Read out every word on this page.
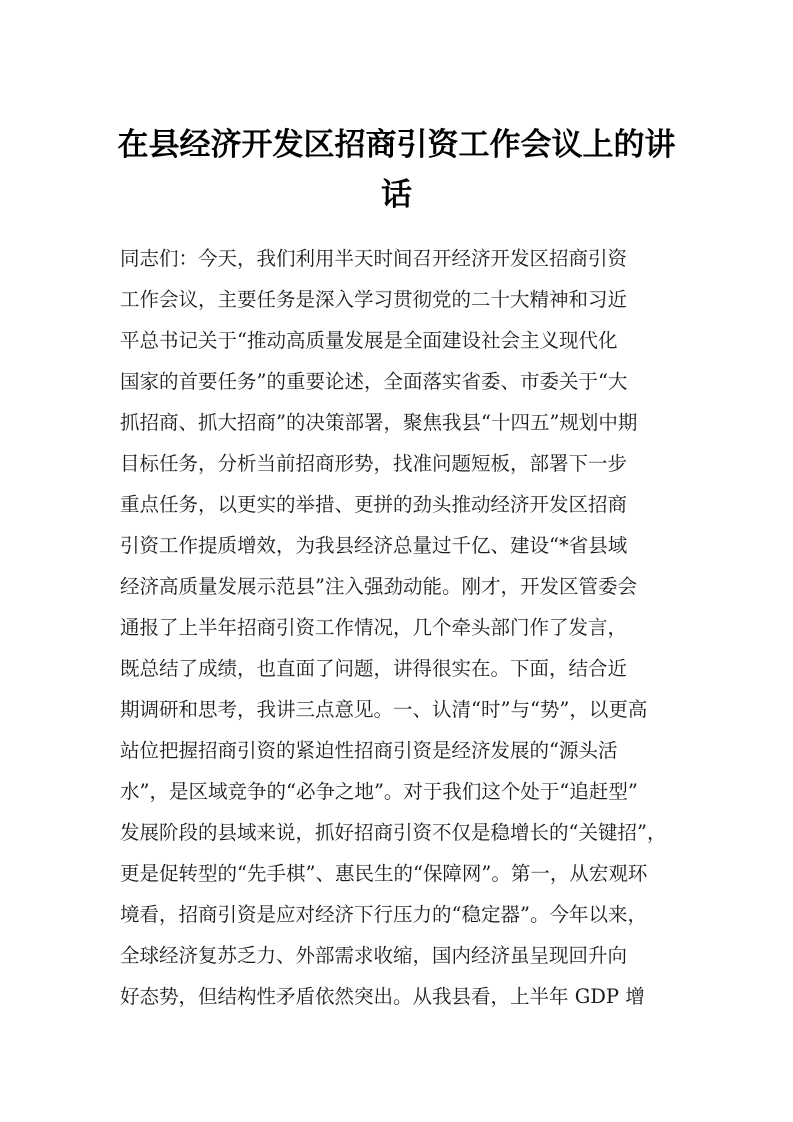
在县经济开发区招商引资工作会议上的讲
话
同志们：今天，我们利用半天时间召开经济开发区招商引资
工作会议，主要任务是深入学习贯彻党的二十大精神和习近
平总书记关于“推动高质量发展是全面建设社会主义现代化
国家的首要任务”的重要论述，全面落实省委、市委关于“大
抓招商、抓大招商”的决策部署，聚焦我县“十四五”规划中期
目标任务，分析当前招商形势，找准问题短板，部署下一步
重点任务，以更实的举措、更拼的劲头推动经济开发区招商
引资工作提质增效，为我县经济总量过千亿、建设“*省县域
经济高质量发展示范县”注入强劲动能。刚才，开发区管委会
通报了上半年招商引资工作情况，几个牵头部门作了发言，
既总结了成绩，也直面了问题，讲得很实在。下面，结合近
期调研和思考，我讲三点意见。一、认清“时”与“势”，以更高
站位把握招商引资的紧迫性招商引资是经济发展的“源头活
水”，是区域竞争的“必争之地”。对于我们这个处于“追赶型”
发展阶段的县域来说，抓好招商引资不仅是稳增长的“关键招”，
更是促转型的“先手棋”、惠民生的“保障网”。第一，从宏观环
境看，招商引资是应对经济下行压力的“稳定器”。今年以来，
全球经济复苏乏力、外部需求收缩，国内经济虽呈现回升向
好态势，但结构性矛盾依然突出。从我县看，上半年 GDP 增
